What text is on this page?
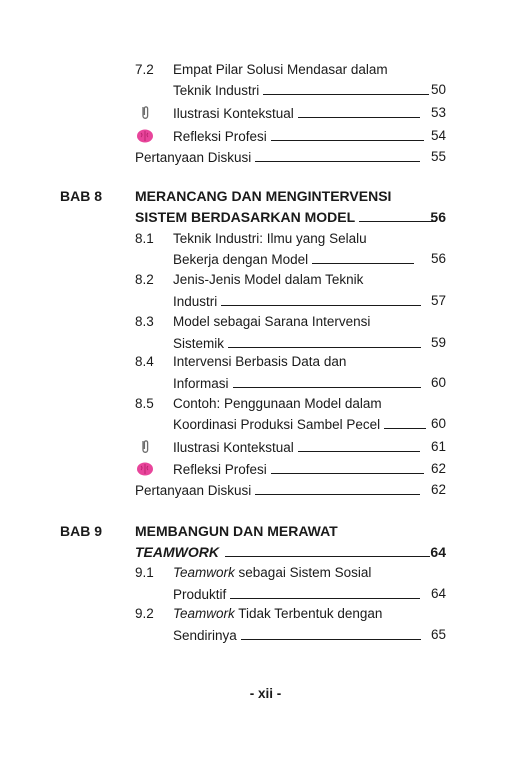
7.2 Empat Pilar Solusi Mendasar dalam
Teknik Industri	50
Ilustrasi Kontekstual	53
Refleksi Profesi	54
Pertanyaan Diskusi	55
BAB 8 MERANCANG DAN MENGINTERVENSI
SISTEM BERDASARKAN MODEL	56
8.1 Teknik Industri: Ilmu yang Selalu
Bekerja dengan Model	56
8.2 Jenis-Jenis Model dalam Teknik
Industri	57
8.3 Model sebagai Sarana Intervensi
Sistemik	59
8.4 Intervensi Berbasis Data dan
Informasi	60
8.5 Contoh: Penggunaan Model dalam
Koordinasi Produksi Sambel Pecel	60
Ilustrasi Kontekstual	61
Refleksi Profesi	62
Pertanyaan Diskusi	62
BAB 9 MEMBANGUN DAN MERAWAT
TEAMWORK	64
9.1 Teamwork sebagai Sistem Sosial
Produktif	64
9.2 Teamwork Tidak Terbentuk dengan
Sendirinya	65
- xii -
